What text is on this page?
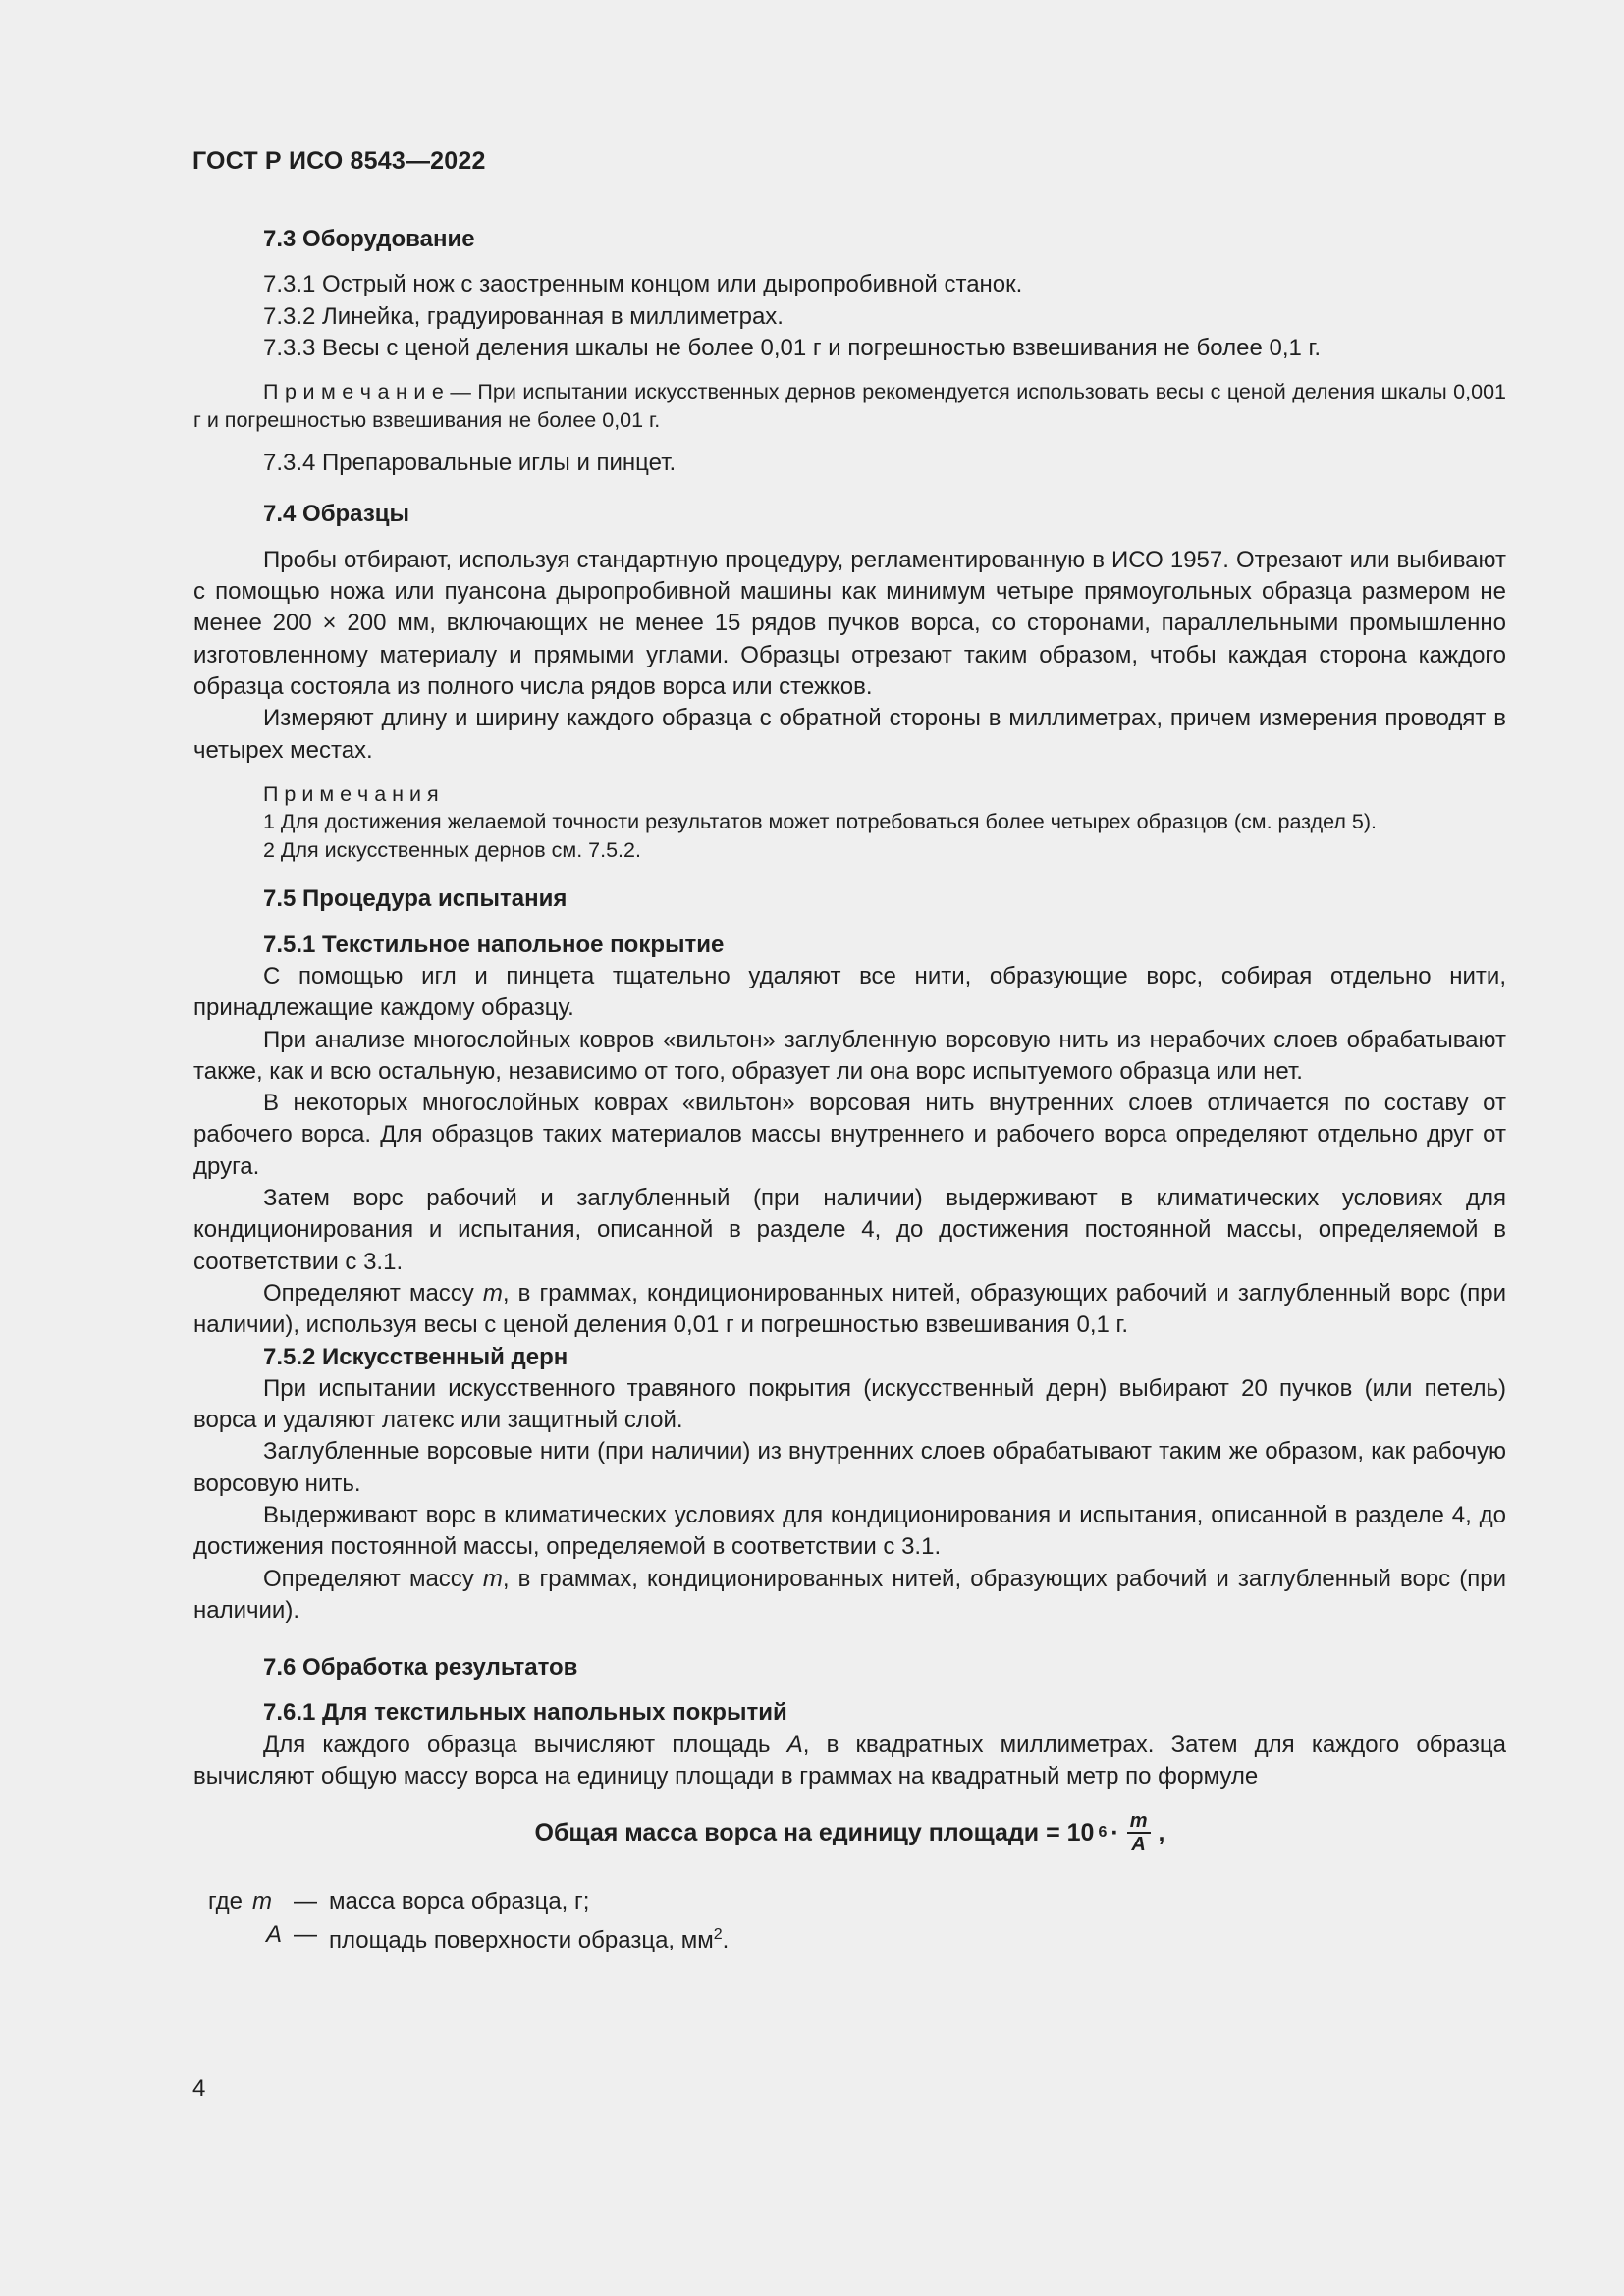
ГОСТ Р ИСО 8543—2022

7.3 Оборудование

7.3.1 Острый нож с заостренным концом или дыропробивной станок.

7.3.2 Линейка, градуированная в миллиметрах.

7.3.3 Весы с ценой деления шкалы не более 0,01 г и погрешностью взвешивания не более 0,1 г.

П р и м е ч а н и е — При испытании искусственных дернов рекомендуется использовать весы с ценой деления шкалы 0,001 г и погрешностью взвешивания не более 0,01 г.

7.3.4 Препаровальные иглы и пинцет.

7.4 Образцы

Пробы отбирают, используя стандартную процедуру, регламентированную в ИСО 1957. Отрезают или выбивают с помощью ножа или пуансона дыропробивной машины как минимум четыре прямоугольных образца размером не менее 200 × 200 мм, включающих не менее 15 рядов пучков ворса, со сторонами, параллельными промышленно изготовленному материалу и прямыми углами. Образцы отрезают таким образом, чтобы каждая сторона каждого образца состояла из полного числа рядов ворса или стежков.

Измеряют длину и ширину каждого образца с обратной стороны в миллиметрах, причем измерения проводят в четырех местах.

П р и м е ч а н и я

1 Для достижения желаемой точности результатов может потребоваться более четырех образцов (см. раздел 5).

2 Для искусственных дернов см. 7.5.2.

7.5 Процедура испытания

7.5.1 Текстильное напольное покрытие

С помощью игл и пинцета тщательно удаляют все нити, образующие ворс, собирая отдельно нити, принадлежащие каждому образцу.

При анализе многослойных ковров «вильтон» заглубленную ворсовую нить из нерабочих слоев обрабатывают также, как и всю остальную, независимо от того, образует ли она ворс испытуемого образца или нет.

В некоторых многослойных коврах «вильтон» ворсовая нить внутренних слоев отличается по составу от рабочего ворса. Для образцов таких материалов массы внутреннего и рабочего ворса определяют отдельно друг от друга.

Затем ворс рабочий и заглубленный (при наличии) выдерживают в климатических условиях для кондиционирования и испытания, описанной в разделе 4, до достижения постоянной массы, определяемой в соответствии с 3.1.

Определяют массу m, в граммах, кондиционированных нитей, образующих рабочий и заглубленный ворс (при наличии), используя весы с ценой деления 0,01 г и погрешностью взвешивания 0,1 г.

7.5.2 Искусственный дерн

При испытании искусственного травяного покрытия (искусственный дерн) выбирают 20 пучков (или петель) ворса и удаляют латекс или защитный слой.

Заглубленные ворсовые нити (при наличии) из внутренних слоев обрабатывают таким же образом, как рабочую ворсовую нить.

Выдерживают ворс в климатических условиях для кондиционирования и испытания, описанной в разделе 4, до достижения постоянной массы, определяемой в соответствии с 3.1.

Определяют массу m, в граммах, кондиционированных нитей, образующих рабочий и заглубленный ворс (при наличии).

7.6 Обработка результатов

7.6.1 Для текстильных напольных покрытий

Для каждого образца вычисляют площадь A, в квадратных миллиметрах. Затем для каждого образца вычисляют общую массу ворса на единицу площади в граммах на квадратный метр по формуле

Общая масса ворса на единицу площади = 10 $6 \cdot \frac{m}{A}$ ,
где m — масса ворса образца, г;
A — площадь поверхности образца, $мм^2$.
4
